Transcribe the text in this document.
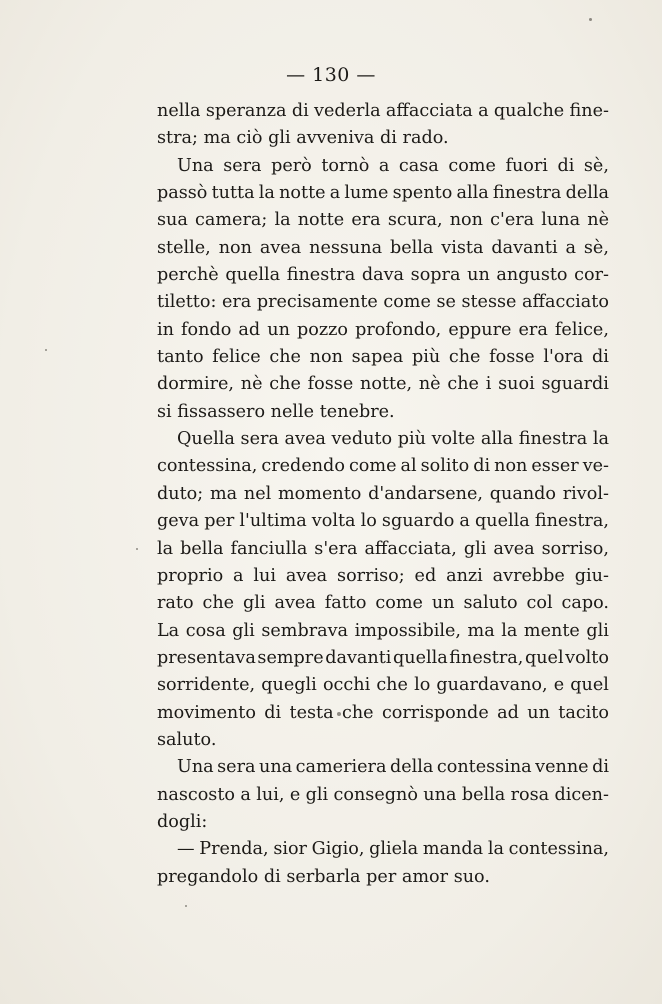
— 130 —
nella speranza di vederla affacciata a qualche fine-
stra; ma ciò gli avveniva di rado.
Una sera però tornò a casa come fuori di sè,
passò tutta la notte a lume spento alla finestra della
sua camera; la notte era scura, non c'era luna nè
stelle, non avea nessuna bella vista davanti a sè,
perchè quella finestra dava sopra un angusto cor-
tiletto: era precisamente come se stesse affacciato
in fondo ad un pozzo profondo, eppure era felice,
tanto felice che non sapea più che fosse l'ora di
dormire, nè che fosse notte, nè che i suoi sguardi
si fissassero nelle tenebre.
Quella sera avea veduto più volte alla finestra la
contessina, credendo come al solito di non esser ve-
duto; ma nel momento d'andarsene, quando rivol-
geva per l'ultima volta lo sguardo a quella finestra,
la bella fanciulla s'era affacciata, gli avea sorriso,
proprio a lui avea sorriso; ed anzi avrebbe giu-
rato che gli avea fatto come un saluto col capo.
La cosa gli sembrava impossibile, ma la mente gli
presentava sempre davanti quella finestra, quel volto
sorridente, quegli occhi che lo guardavano, e quel
movimento di testa che corrisponde ad un tacito
saluto.
Una sera una cameriera della contessina venne di
nascosto a lui, e gli consegnò una bella rosa dicen-
dogli:
— Prenda, sior Gigio, gliela manda la contessina,
pregandolo di serbarla per amor suo.
